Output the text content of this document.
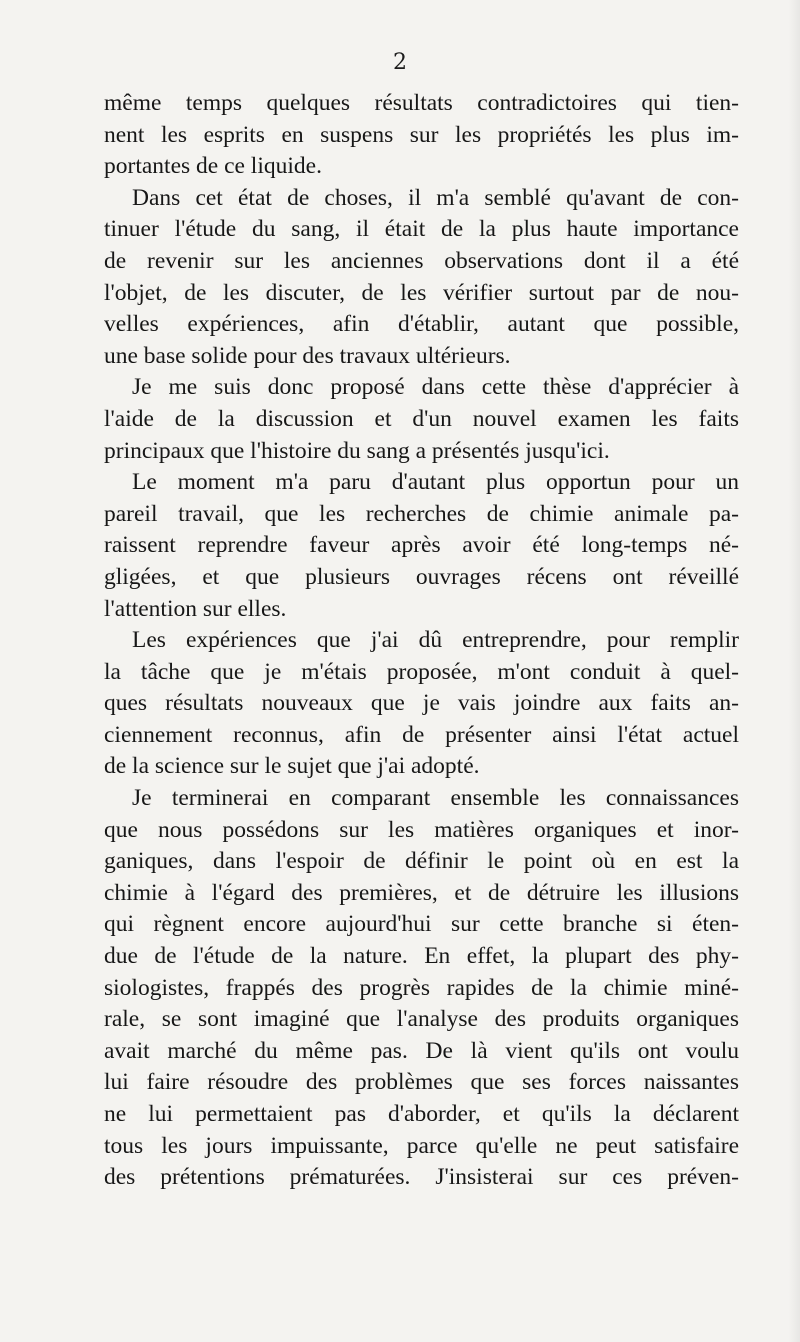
2

même temps quelques résultats contradictoires qui tien-
nent les esprits en suspens sur les propriétés les plus im-
portantes de ce liquide.
Dans cet état de choses, il m'a semblé qu'avant de con-
tinuer l'étude du sang, il était de la plus haute importance
de revenir sur les anciennes observations dont il a été
l'objet, de les discuter, de les vérifier surtout par de nou-
velles expériences, afin d'établir, autant que possible,
une base solide pour des travaux ultérieurs.
Je me suis donc proposé dans cette thèse d'apprécier à
l'aide de la discussion et d'un nouvel examen les faits
principaux que l'histoire du sang a présentés jusqu'ici.
Le moment m'a paru d'autant plus opportun pour un
pareil travail, que les recherches de chimie animale pa-
raissent reprendre faveur après avoir été long-temps né-
gligées, et que plusieurs ouvrages récens ont réveillé
l'attention sur elles.
Les expériences que j'ai dû entreprendre, pour remplir
la tâche que je m'étais proposée, m'ont conduit à quel-
ques résultats nouveaux que je vais joindre aux faits an-
ciennement reconnus, afin de présenter ainsi l'état actuel
de la science sur le sujet que j'ai adopté.
Je terminerai en comparant ensemble les connaissances
que nous possédons sur les matières organiques et inor-
ganiques, dans l'espoir de définir le point où en est la
chimie à l'égard des premières, et de détruire les illusions
qui règnent encore aujourd'hui sur cette branche si éten-
due de l'étude de la nature. En effet, la plupart des phy-
siologistes, frappés des progrès rapides de la chimie miné-
rale, se sont imaginé que l'analyse des produits organiques
avait marché du même pas. De là vient qu'ils ont voulu
lui faire résoudre des problèmes que ses forces naissantes
ne lui permettaient pas d'aborder, et qu'ils la déclarent
tous les jours impuissante, parce qu'elle ne peut satisfaire
des prétentions prématurées. J'insisterai sur ces préven-
